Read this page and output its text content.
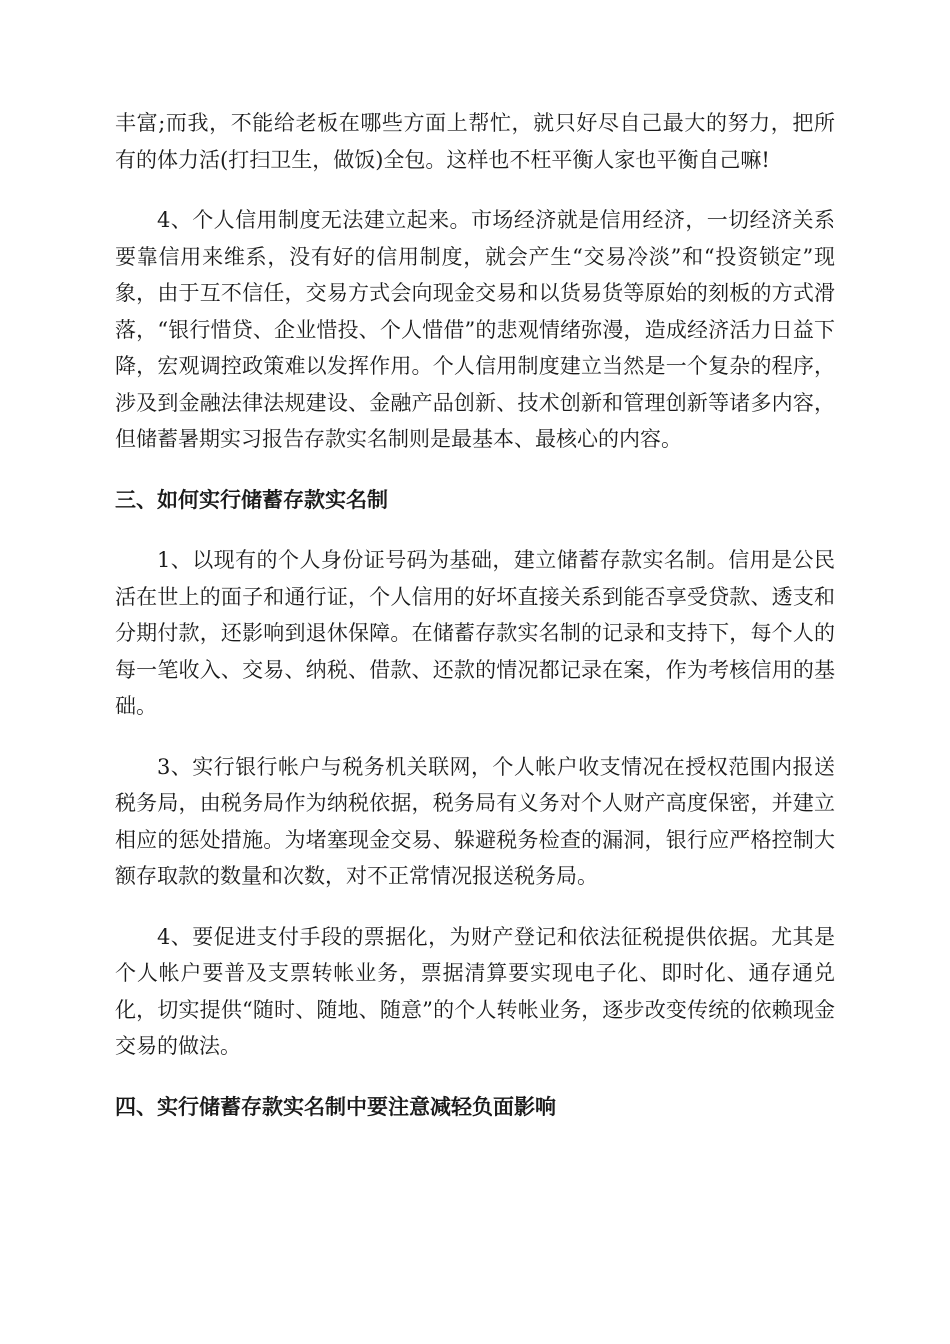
丰富;而我，不能给老板在哪些方面上帮忙，就只好尽自己最大的努力，把所有的体力活(打扫卫生，做饭)全包。这样也不枉平衡人家也平衡自己嘛!

4、个人信用制度无法建立起来。市场经济就是信用经济，一切经济关系要靠信用来维系，没有好的信用制度，就会产生“交易冷淡”和“投资锁定”现象，由于互不信任，交易方式会向现金交易和以货易货等原始的刻板的方式滑落，“银行惜贷、企业惜投、个人惜借”的悲观情绪弥漫，造成经济活力日益下降，宏观调控政策难以发挥作用。个人信用制度建立当然是一个复杂的程序，涉及到金融法律法规建设、金融产品创新、技术创新和管理创新等诸多内容，但储蓄暑期实习报告存款实名制则是最基本、最核心的内容。

三、如何实行储蓄存款实名制

1、以现有的个人身份证号码为基础，建立储蓄存款实名制。信用是公民活在世上的面子和通行证，个人信用的好坏直接关系到能否享受贷款、透支和分期付款，还影响到退休保障。在储蓄存款实名制的记录和支持下，每个人的每一笔收入、交易、纳税、借款、还款的情况都记录在案，作为考核信用的基础。

3、实行银行帐户与税务机关联网，个人帐户收支情况在授权范围内报送税务局，由税务局作为纳税依据，税务局有义务对个人财产高度保密，并建立相应的惩处措施。为堵塞现金交易、躲避税务检查的漏洞，银行应严格控制大额存取款的数量和次数，对不正常情况报送税务局。

4、要促进支付手段的票据化，为财产登记和依法征税提供依据。尤其是个人帐户要普及支票转帐业务，票据清算要实现电子化、即时化、通存通兑化，切实提供“随时、随地、随意”的个人转帐业务，逐步改变传统的依赖现金交易的做法。

四、实行储蓄存款实名制中要注意减轻负面影响
